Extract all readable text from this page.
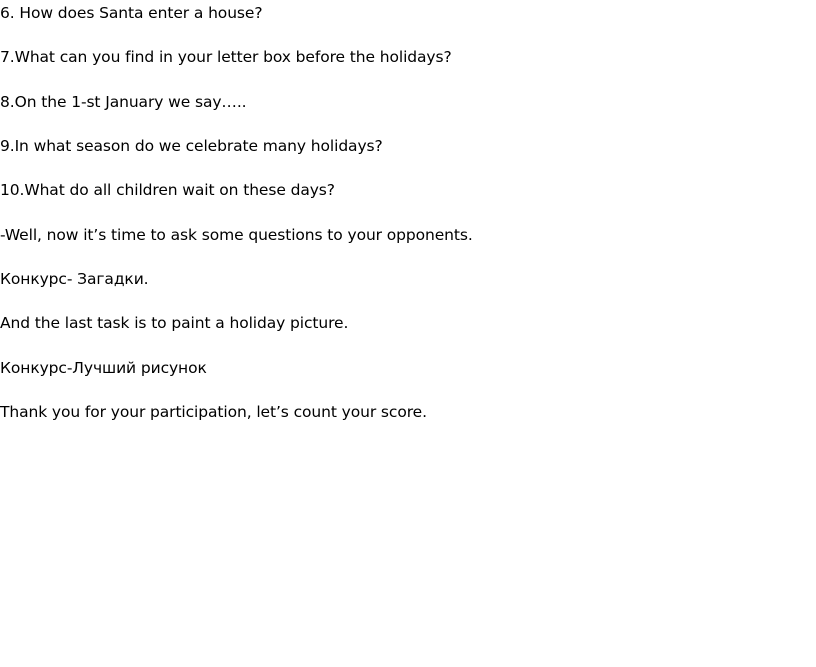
6. How does Santa enter a house?

7.What can you find in your letter box before the holidays?

8.On the 1-st January we say…..

9.In what season do we celebrate many holidays?

10.What do all children wait on these days?

-Well, now it’s time to ask some questions to your opponents.

Конкурс- Загадки.

And the last task is to paint a holiday picture.

Конкурс-Лучший рисунок

Thank you for your participation, let’s count your score.
